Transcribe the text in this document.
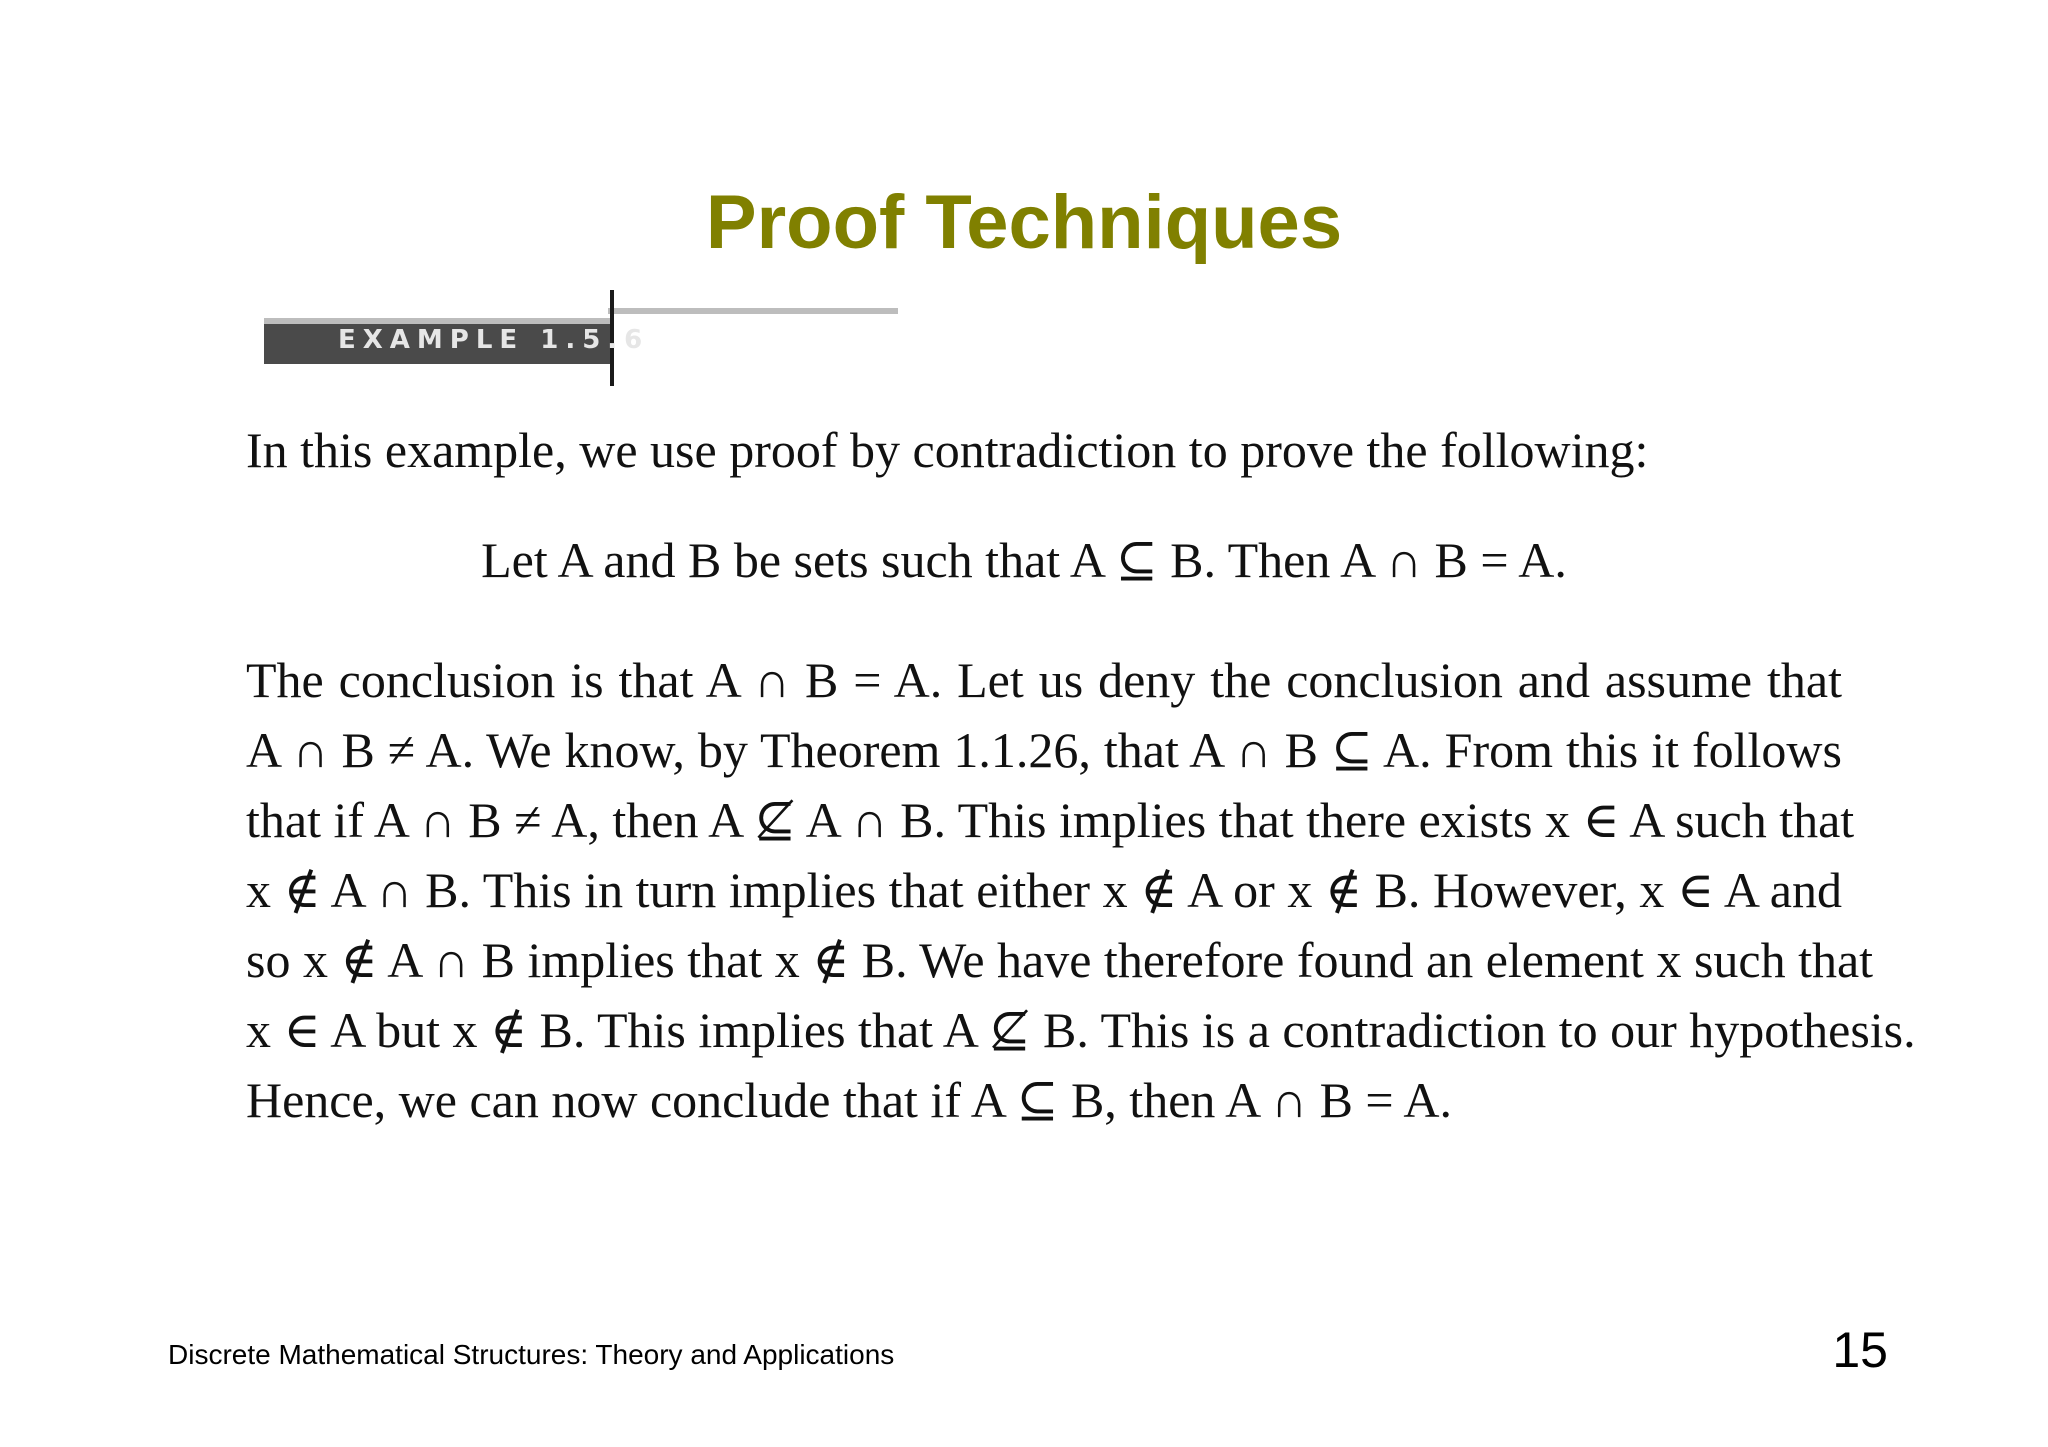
Proof Techniques
EXAMPLE 1.5.6
In this example, we use proof by contradiction to prove the following:
Let A and B be sets such that A ⊆ B. Then A ∩ B = A.
The conclusion is that A ∩ B = A. Let us deny the conclusion and assume that
A ∩ B ≠ A. We know, by Theorem 1.1.26, that A ∩ B ⊆ A. From this it follows
that if A ∩ B ≠ A, then A ⊈ A ∩ B. This implies that there exists x ∈ A such that
x ∉ A ∩ B. This in turn implies that either x ∉ A or x ∉ B. However, x ∈ A and
so x ∉ A ∩ B implies that x ∉ B. We have therefore found an element x such that
x ∈ A but x ∉ B. This implies that A ⊈ B. This is a contradiction to our hypothesis.
Hence, we can now conclude that if A ⊆ B, then A ∩ B = A.
Discrete Mathematical Structures: Theory and Applications	15
